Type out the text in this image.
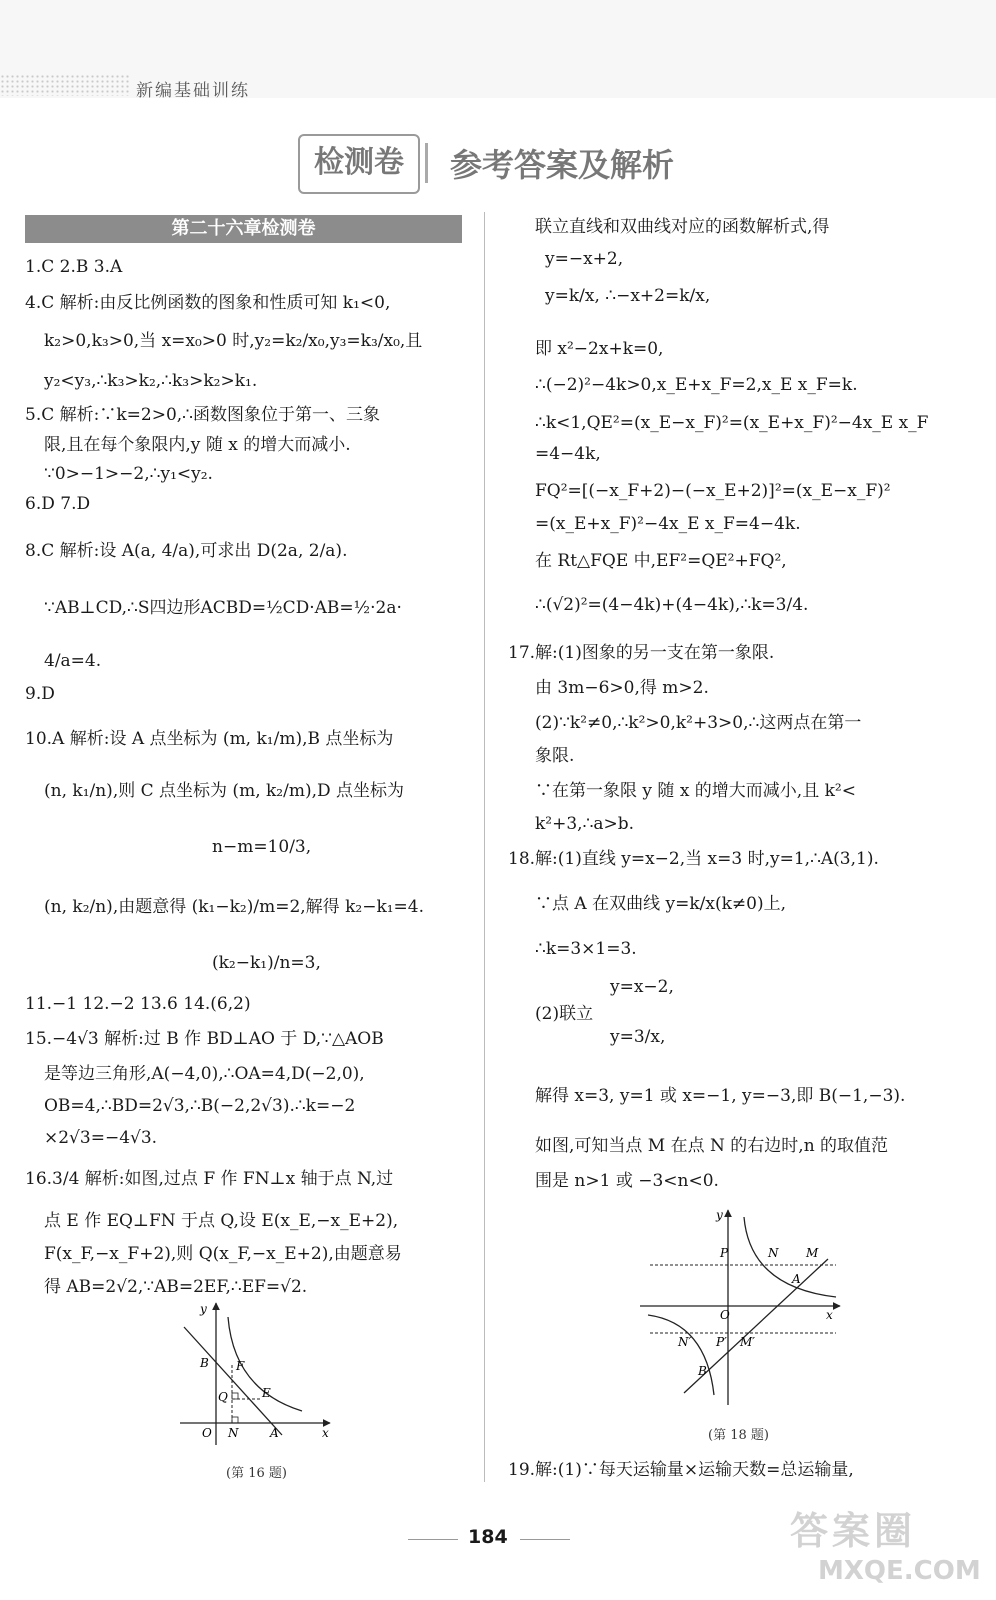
新编基础训练
检测卷	参考答案及解析
第二十六章检测卷
1.C 2.B 3.A
4.C 解析:由反比例函数的图象和性质可知 k₁<0,
k₂>0,k₃>0,当 x=x₀>0 时,y₂=k₂/x₀,y₃=k₃/x₀,且
y₂<y₃,∴k₃>k₂,∴k₃>k₂>k₁.
5.C 解析:∵k=2>0,∴函数图象位于第一、三象
限,且在每个象限内,y 随 x 的增大而减小.
∵0>−1>−2,∴y₁<y₂.
6.D 7.D
8.C 解析:设 A(a, 4/a),可求出 D(2a, 2/a).
∵AB⊥CD,∴S四边形ACBD=½CD·AB=½·2a·
4/a=4.
9.D
10.A 解析:设 A 点坐标为 (m, k₁/m),B 点坐标为
(n, k₁/n),则 C 点坐标为 (m, k₂/m),D 点坐标为
n−m=10/3,
(n, k₂/n),由题意得 (k₁−k₂)/m=2,解得 k₂−k₁=4.
(k₂−k₁)/n=3,
11.−1 12.−2 13.6 14.(6,2)
15.−4√3 解析:过 B 作 BD⊥AO 于 D,∵△AOB
是等边三角形,A(−4,0),∴OA=4,D(−2,0),
OB=4,∴BD=2√3,∴B(−2,2√3).∴k=−2
×2√3=−4√3.
16.3/4 解析:如图,过点 F 作 FN⊥x 轴于点 N,过
点 E 作 EQ⊥FN 于点 Q,设 E(x_E,−x_E+2),
F(x_F,−x_F+2),则 Q(x_F,−x_E+2),由题意易
得 AB=2√2,∵AB=2EF,∴EF=√2.
y
B F
Q	E
O N	A	x
(第 16 题)
联立直线和双曲线对应的函数解析式,得
y=−x+2,
y=k/x, ∴−x+2=k/x,
即 x²−2x+k=0,
∴(−2)²−4k>0,x_E+x_F=2,x_E x_F=k.
∴k<1,QE²=(x_E−x_F)²=(x_E+x_F)²−4x_E x_F
=4−4k,
FQ²=[(−x_F+2)−(−x_E+2)]²=(x_E−x_F)²
=(x_E+x_F)²−4x_E x_F=4−4k.
在 Rt△FQE 中,EF²=QE²+FQ²,
∴(√2)²=(4−4k)+(4−4k),∴k=3/4.
17.解:(1)图象的另一支在第一象限.
由 3m−6>0,得 m>2.
(2)∵k²≠0,∴k²>0,k²+3>0,∴这两点在第一
象限.
∵在第一象限 y 随 x 的增大而减小,且 k²<
k²+3,∴a>b.
18.解:(1)直线 y=x−2,当 x=3 时,y=1,∴A(3,1).
∵点 A 在双曲线 y=k/x(k≠0)上,
∴k=3×1=3.
y=x−2,
(2)联立
y=3/x,
解得 x=3, y=1 或 x=−1, y=−3,即 B(−1,−3).
如图,可知当点 M 在点 N 的右边时,n 的取值范
围是 n>1 或 −3<n<0.
19.解:(1)∵每天运输量×运输天数=总运输量,
y
P	N M
A
O	x
N′ P′ M′
B
(第 18 题)
184	答案圈
MXQE.COM
